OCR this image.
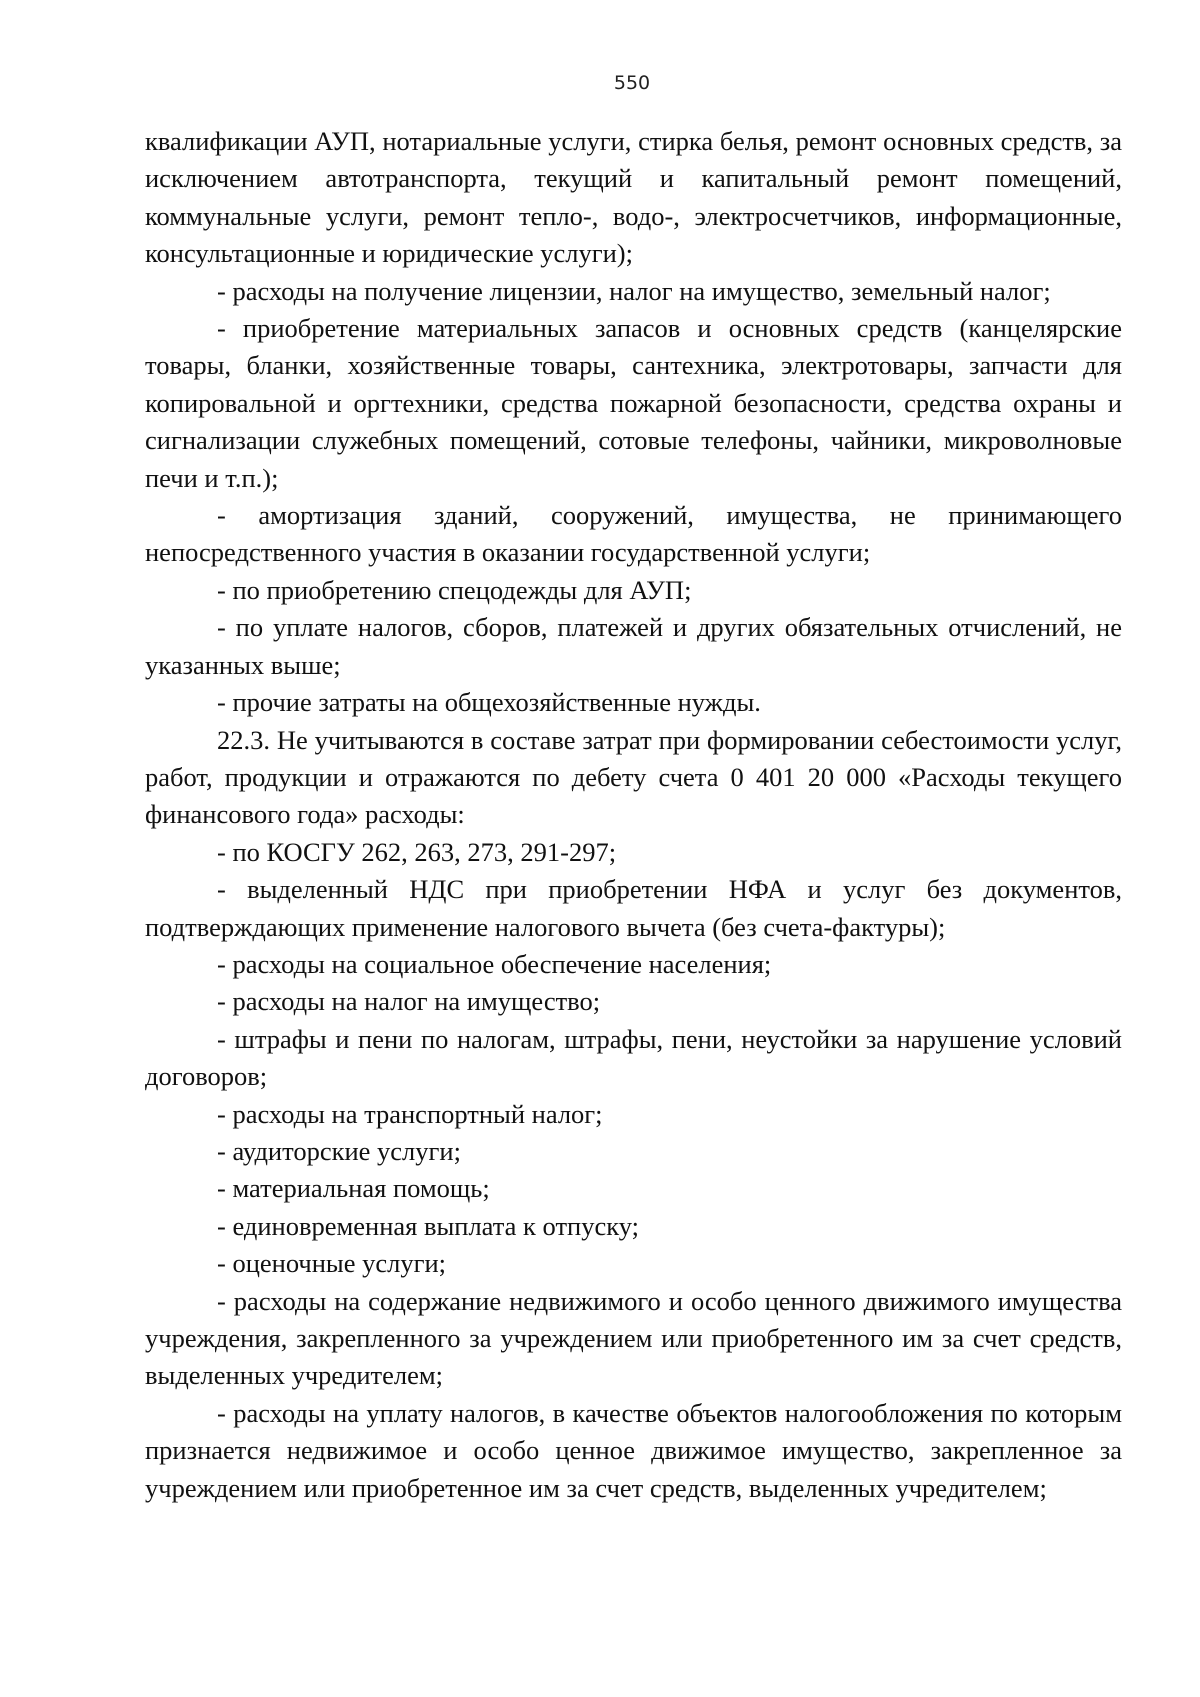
550

квалификации АУП, нотариальные услуги, стирка белья, ремонт основных средств, за исключением автотранспорта, текущий и капитальный ремонт помещений, коммунальные услуги, ремонт тепло-, водо-, электросчетчиков, информационные, консультационные и юридические услуги);

- расходы на получение лицензии, налог на имущество, земельный налог;

- приобретение материальных запасов и основных средств (канцелярские товары, бланки, хозяйственные товары, сантехника, электротовары, запчасти для копировальной и оргтехники, средства пожарной безопасности, средства охраны и сигнализации служебных помещений, сотовые телефоны, чайники, микроволновые печи и т.п.);

- амортизация зданий, сооружений, имущества, не принимающего непосредственного участия в оказании государственной услуги;

- по приобретению спецодежды для АУП;

- по уплате налогов, сборов, платежей и других обязательных отчислений, не указанных выше;

- прочие затраты на общехозяйственные нужды.

22.3. Не учитываются в составе затрат при формировании себестоимости услуг, работ, продукции и отражаются по дебету счета 0 401 20 000 «Расходы текущего финансового года» расходы:

- по КОСГУ 262, 263, 273, 291-297;

- выделенный НДС при приобретении НФА и услуг без документов, подтверждающих применение налогового вычета (без счета-фактуры);

- расходы на социальное обеспечение населения;

- расходы на налог на имущество;

- штрафы и пени по налогам, штрафы, пени, неустойки за нарушение условий договоров;

- расходы на транспортный налог;

- аудиторские услуги;

- материальная помощь;

- единовременная выплата к отпуску;

- оценочные услуги;

- расходы на содержание недвижимого и особо ценного движимого имущества учреждения, закрепленного за учреждением или приобретенного им за счет средств, выделенных учредителем;

- расходы на уплату налогов, в качестве объектов налогообложения по которым признается недвижимое и особо ценное движимое имущество, закрепленное за учреждением или приобретенное им за счет средств, выделенных учредителем;
